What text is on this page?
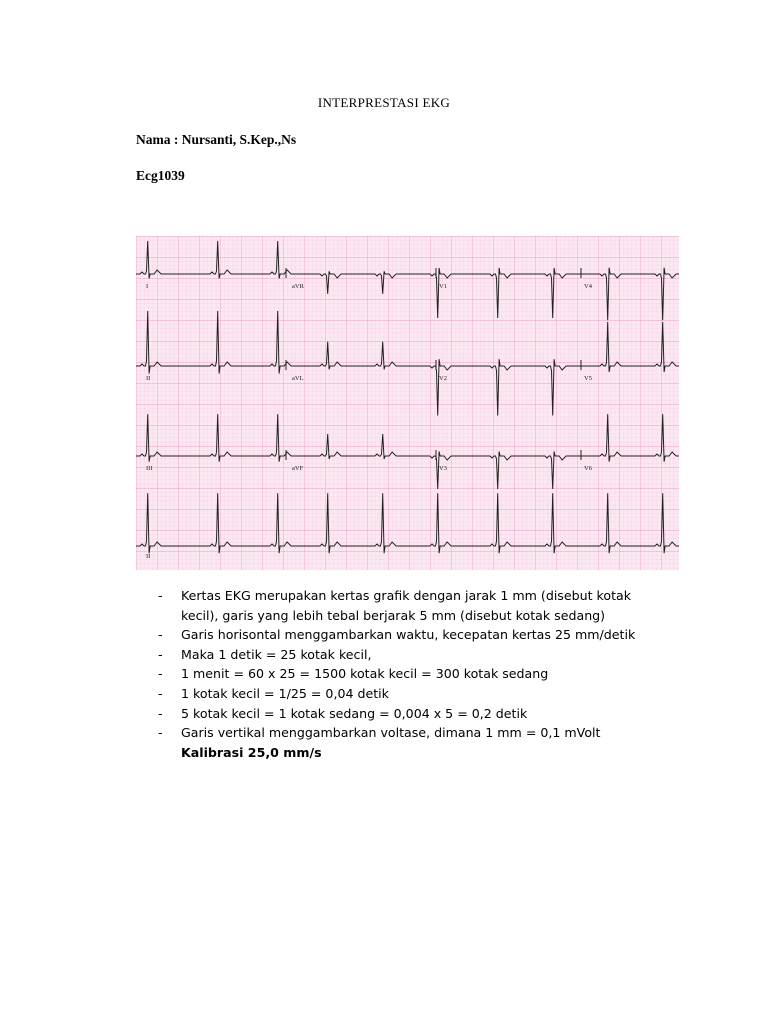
INTERPRESTASI EKG
Nama : Nursanti, S.Kep.,Ns
Ecg1039
I	aVR	V1	V4
II	aVL	V2	V5
III	aVF	V3	V6
II
- Kertas EKG merupakan kertas grafik dengan jarak 1 mm (disebut kotak kecil), garis yang lebih tebal berjarak 5 mm (disebut kotak sedang)
- Garis horisontal menggambarkan waktu, kecepatan kertas 25 mm/detik
- Maka 1 detik = 25 kotak kecil,
- 1 menit = 60 x 25 = 1500 kotak kecil = 300 kotak sedang
- 1 kotak kecil = 1/25 = 0,04 detik
- 5 kotak kecil = 1 kotak sedang = 0,004 x 5 = 0,2 detik
- Garis vertikal menggambarkan voltase, dimana 1 mm = 0,1 mVolt
Kalibrasi 25,0 mm/s
